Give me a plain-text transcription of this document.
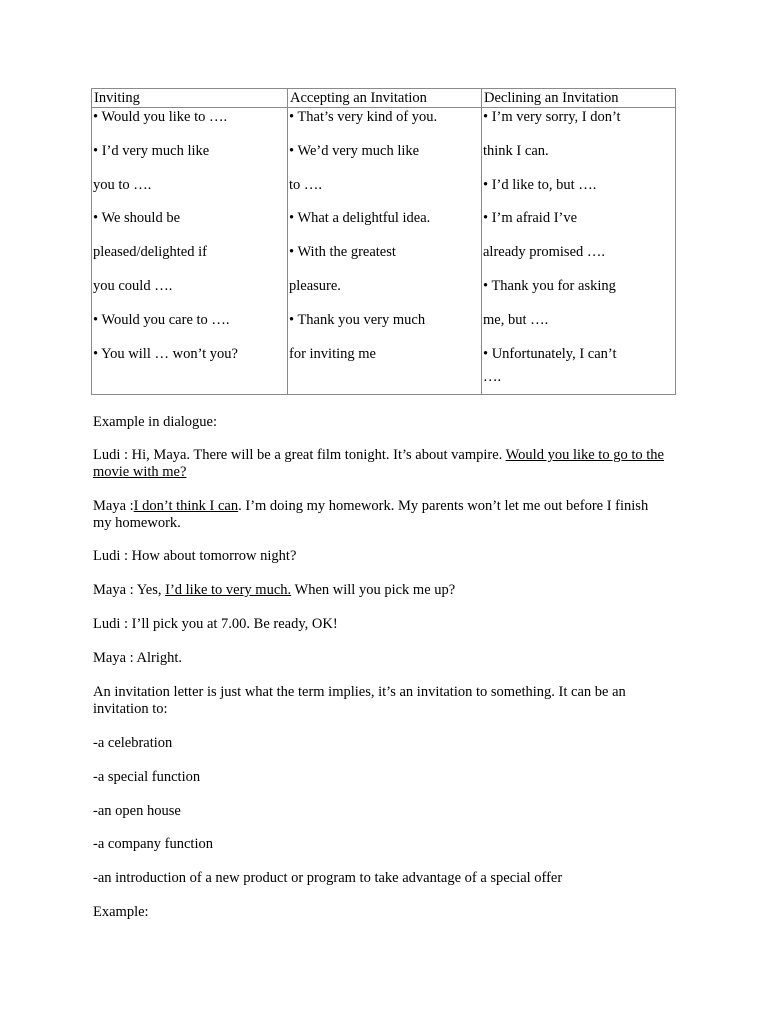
Inviting
• Would you like to ….
• I’d very much like
you to ….
• We should be
pleased/delighted if
you could ….
• Would you care to ….
• You will … won’t you?
Accepting an Invitation
• That’s very kind of you.
• We’d very much like
to ….
• What a delightful idea.
• With the greatest
pleasure.
• Thank you very much
for inviting me
Declining an Invitation
• I’m very sorry, I don’t
think I can.
• I’d like to, but ….
• I’m afraid I’ve
already promised ….
• Thank you for asking
me, but ….
• Unfortunately, I can’t
….
Example in dialogue:
Ludi : Hi, Maya. There will be a great film tonight. It’s about vampire. Would you like to go to the movie with me?
Maya :I don’t think I can. I’m doing my homework. My parents won’t let me out before I finish my homework.
Ludi : How about tomorrow night?
Maya : Yes, I’d like to very much. When will you pick me up?
Ludi : I’ll pick you at 7.00. Be ready, OK!
Maya : Alright.
An invitation letter is just what the term implies, it’s an invitation to something. It can be an invitation to:
-a celebration
-a special function
-an open house
-a company function
-an introduction of a new product or program to take advantage of a special offer
Example:
